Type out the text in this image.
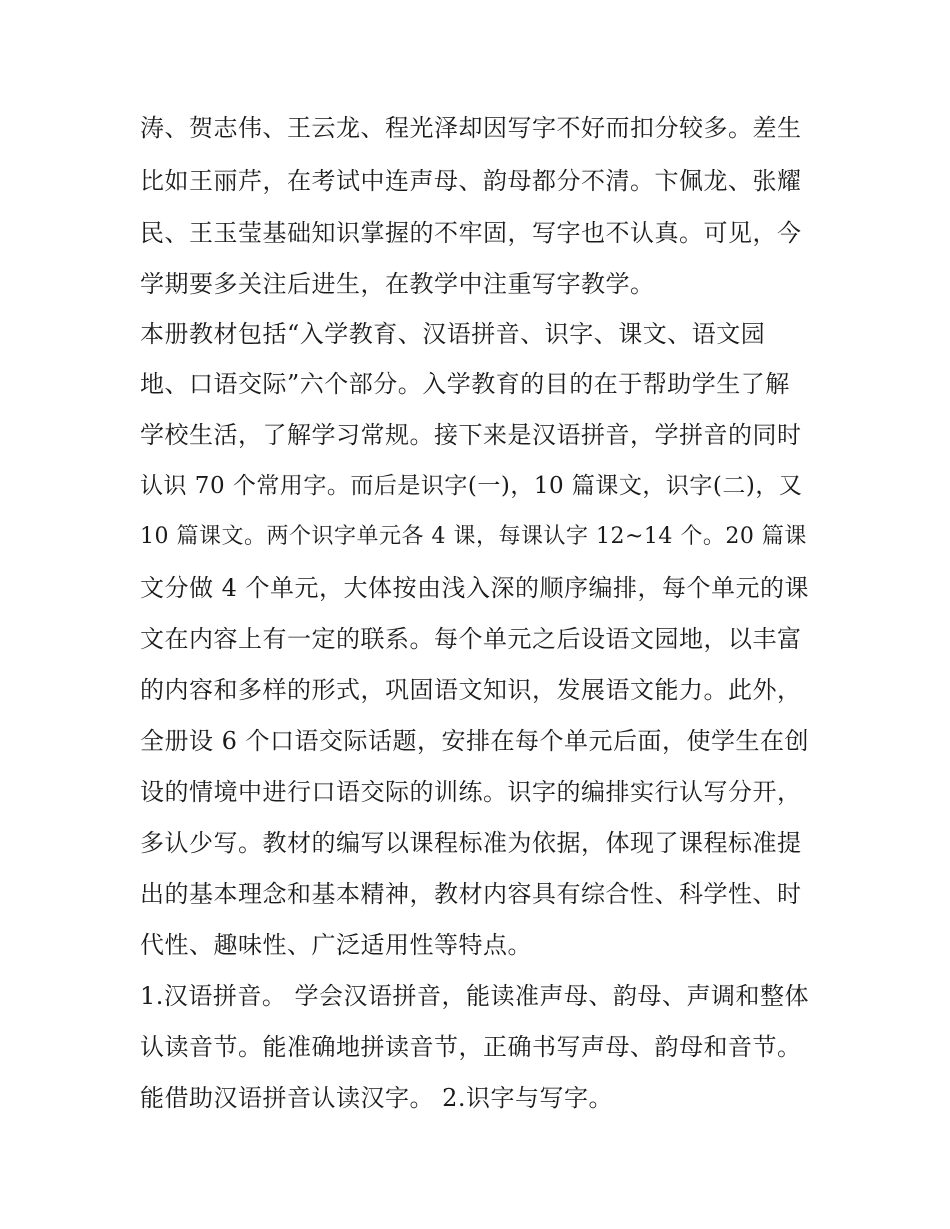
涛、贺志伟、王云龙、程光泽却因写字不好而扣分较多。差生
比如王丽芹，在考试中连声母、韵母都分不清。卞佩龙、张耀
民、王玉莹基础知识掌握的不牢固，写字也不认真。可见，今
学期要多关注后进生，在教学中注重写字教学。
本册教材包括“入学教育、汉语拼音、识字、课文、语文园
地、口语交际”六个部分。入学教育的目的在于帮助学生了解
学校生活，了解学习常规。接下来是汉语拼音，学拼音的同时
认识 70 个常用字。而后是识字(一)，10 篇课文，识字(二)，又
10 篇课文。两个识字单元各 4 课，每课认字 12~14 个。20 篇课
文分做 4 个单元，大体按由浅入深的顺序编排，每个单元的课
文在内容上有一定的联系。每个单元之后设语文园地，以丰富
的内容和多样的形式，巩固语文知识，发展语文能力。此外，
全册设 6 个口语交际话题，安排在每个单元后面，使学生在创
设的情境中进行口语交际的训练。识字的编排实行认写分开，
多认少写。教材的编写以课程标准为依据，体现了课程标准提
出的基本理念和基本精神，教材内容具有综合性、科学性、时
代性、趣味性、广泛适用性等特点。
1.汉语拼音。 学会汉语拼音，能读准声母、韵母、声调和整体
认读音节。能准确地拼读音节，正确书写声母、韵母和音节。
能借助汉语拼音认读汉字。 2.识字与写字。
